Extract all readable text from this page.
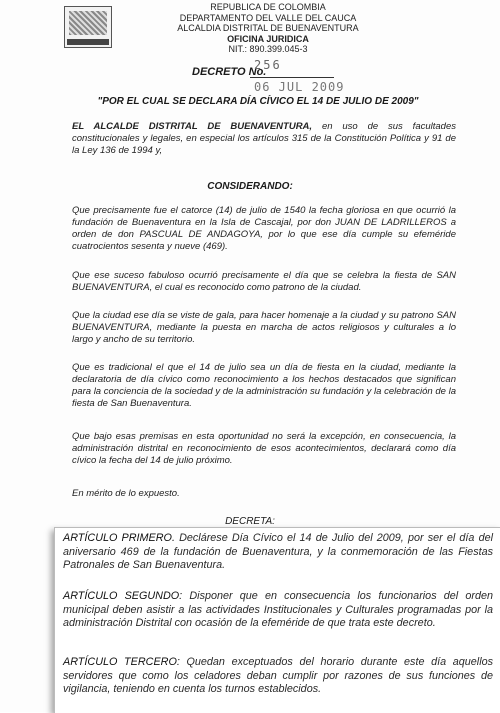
REPUBLICA DE COLOMBIA
DEPARTAMENTO DEL VALLE DEL CAUCA
ALCALDIA DISTRITAL DE BUENAVENTURA
OFICINA JURIDICA
NIT.: 890.399.045-3
DECRETO No.
256
06 JUL 2009
"POR EL CUAL SE DECLARA DÍA CÍVICO EL 14 DE JULIO DE 2009"
EL ALCALDE DISTRITAL DE BUENAVENTURA, en uso de sus facultades constitucionales y legales, en especial los artículos 315 de la Constitución Política y 91 de la Ley 136 de 1994 y,
CONSIDERANDO:
Que precisamente fue el catorce (14) de julio de 1540 la fecha gloriosa en que ocurrió la fundación de Buenaventura en la Isla de Cascajal, por don JUAN DE LADRILLEROS a orden de don PASCUAL DE ANDAGOYA, por lo que ese día cumple su efeméride cuatrocientos sesenta y nueve (469).
Que ese suceso fabuloso ocurrió precisamente el día que se celebra la fiesta de SAN BUENAVENTURA, el cual es reconocido como patrono de la ciudad.
Que la ciudad ese día se viste de gala, para hacer homenaje a la ciudad y su patrono SAN BUENAVENTURA, mediante la puesta en marcha de actos religiosos y culturales a lo largo y ancho de su territorio.
Que es tradicional el que el 14 de julio sea un día de fiesta en la ciudad, mediante la declaratoria de día cívico como reconocimiento a los hechos destacados que significan para la conciencia de la sociedad y de la administración su fundación y la celebración de la fiesta de San Buenaventura.
Que bajo esas premisas en esta oportunidad no será la excepción, en consecuencia, la administración distrital en reconocimiento de esos acontecimientos, declarará como día cívico la fecha del 14 de julio próximo.
En mérito de lo expuesto.
DECRETA:
ARTÍCULO PRIMERO. Declárese Día Cívico el 14 de Julio del 2009, por ser el día del aniversario 469 de la fundación de Buenaventura, y la conmemoración de las Fiestas Patronales de San Buenaventura.
ARTÍCULO SEGUNDO: Disponer que en consecuencia los funcionarios del orden municipal deben asistir a las actividades Institucionales y Culturales programadas por la administración Distrital con ocasión de la efeméride de que trata este decreto.
ARTÍCULO TERCERO: Quedan exceptuados del horario durante este día aquellos servidores que como los celadores deban cumplir por razones de sus funciones de vigilancia, teniendo en cuenta los turnos establecidos.
